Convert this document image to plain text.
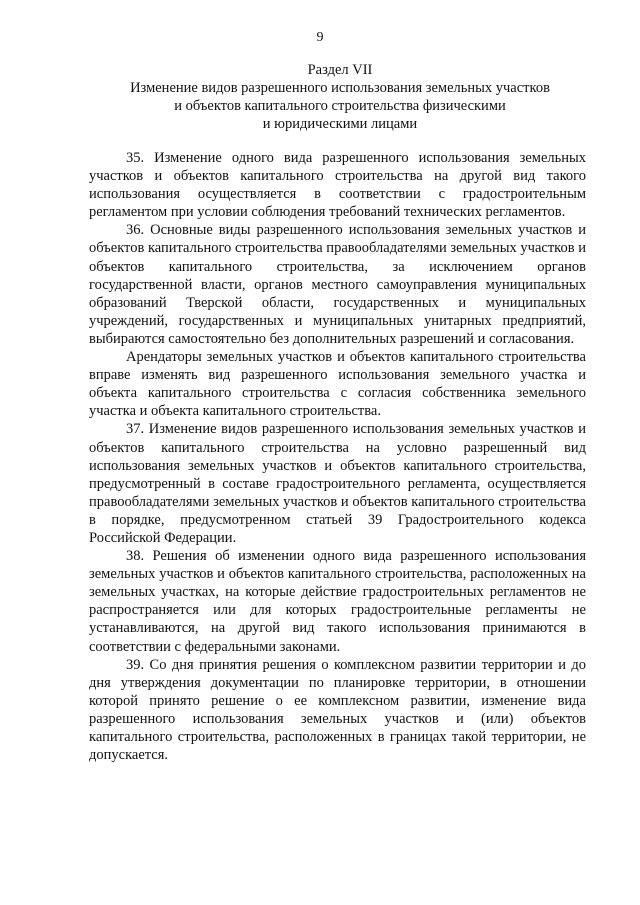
9
Раздел VII
Изменение видов разрешенного использования земельных участков
и объектов капитального строительства физическими
и юридическими лицами

35. Изменение одного вида разрешенного использования земельных участков и объектов капитального строительства на другой вид такого использования осуществляется в соответствии с градостроительным регламентом при условии соблюдения требований технических регламентов.

36. Основные виды разрешенного использования земельных участков и объектов капитального строительства правообладателями земельных участков и объектов капитального строительства, за исключением органов государственной власти, органов местного самоуправления муниципальных образований Тверской области, государственных и муниципальных учреждений, государственных и муниципальных унитарных предприятий, выбираются самостоятельно без дополнительных разрешений и согласования.

Арендаторы земельных участков и объектов капитального строительства вправе изменять вид разрешенного использования земельного участка и объекта капитального строительства с согласия собственника земельного участка и объекта капитального строительства.

37. Изменение видов разрешенного использования земельных участков и объектов капитального строительства на условно разрешенный вид использования земельных участков и объектов капитального строительства, предусмотренный в составе градостроительного регламента, осуществляется правообладателями земельных участков и объектов капитального строительства в порядке, предусмотренном статьей 39 Градостроительного кодекса Российской Федерации.

38. Решения об изменении одного вида разрешенного использования земельных участков и объектов капитального строительства, расположенных на земельных участках, на которые действие градостроительных регламентов не распространяется или для которых градостроительные регламенты не устанавливаются, на другой вид такого использования принимаются в соответствии с федеральными законами.

39. Со дня принятия решения о комплексном развитии территории и до дня утверждения документации по планировке территории, в отношении которой принято решение о ее комплексном развитии, изменение вида разрешенного использования земельных участков и (или) объектов капитального строительства, расположенных в границах такой территории, не допускается.
